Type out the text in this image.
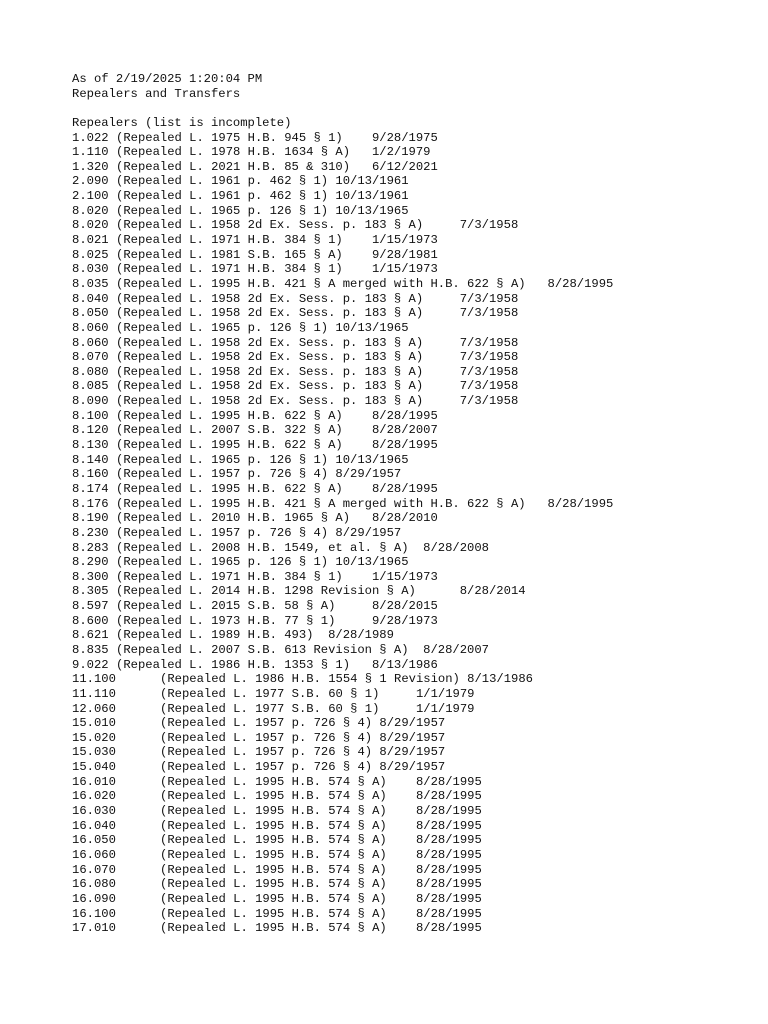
As of 2/19/2025 1:20:04 PM
Repealers and Transfers
Repealers (list is incomplete)
1.022 (Repealed L. 1975 H.B. 945 § 1)    9/28/1975
1.110 (Repealed L. 1978 H.B. 1634 § A)   1/2/1979
1.320 (Repealed L. 2021 H.B. 85 & 310)   6/12/2021
2.090 (Repealed L. 1961 p. 462 § 1) 10/13/1961
2.100 (Repealed L. 1961 p. 462 § 1) 10/13/1961
8.020 (Repealed L. 1965 p. 126 § 1) 10/13/1965
8.020 (Repealed L. 1958 2d Ex. Sess. p. 183 § A)     7/3/1958
8.021 (Repealed L. 1971 H.B. 384 § 1)    1/15/1973
8.025 (Repealed L. 1981 S.B. 165 § A)    9/28/1981
8.030 (Repealed L. 1971 H.B. 384 § 1)    1/15/1973
8.035 (Repealed L. 1995 H.B. 421 § A merged with H.B. 622 § A)   8/28/1995
8.040 (Repealed L. 1958 2d Ex. Sess. p. 183 § A)     7/3/1958
8.050 (Repealed L. 1958 2d Ex. Sess. p. 183 § A)     7/3/1958
8.060 (Repealed L. 1965 p. 126 § 1) 10/13/1965
8.060 (Repealed L. 1958 2d Ex. Sess. p. 183 § A)     7/3/1958
8.070 (Repealed L. 1958 2d Ex. Sess. p. 183 § A)     7/3/1958
8.080 (Repealed L. 1958 2d Ex. Sess. p. 183 § A)     7/3/1958
8.085 (Repealed L. 1958 2d Ex. Sess. p. 183 § A)     7/3/1958
8.090 (Repealed L. 1958 2d Ex. Sess. p. 183 § A)     7/3/1958
8.100 (Repealed L. 1995 H.B. 622 § A)    8/28/1995
8.120 (Repealed L. 2007 S.B. 322 § A)    8/28/2007
8.130 (Repealed L. 1995 H.B. 622 § A)    8/28/1995
8.140 (Repealed L. 1965 p. 126 § 1) 10/13/1965
8.160 (Repealed L. 1957 p. 726 § 4) 8/29/1957
8.174 (Repealed L. 1995 H.B. 622 § A)    8/28/1995
8.176 (Repealed L. 1995 H.B. 421 § A merged with H.B. 622 § A)   8/28/1995
8.190 (Repealed L. 2010 H.B. 1965 § A)   8/28/2010
8.230 (Repealed L. 1957 p. 726 § 4) 8/29/1957
8.283 (Repealed L. 2008 H.B. 1549, et al. § A)  8/28/2008
8.290 (Repealed L. 1965 p. 126 § 1) 10/13/1965
8.300 (Repealed L. 1971 H.B. 384 § 1)    1/15/1973
8.305 (Repealed L. 2014 H.B. 1298 Revision § A)      8/28/2014
8.597 (Repealed L. 2015 S.B. 58 § A)     8/28/2015
8.600 (Repealed L. 1973 H.B. 77 § 1)     9/28/1973
8.621 (Repealed L. 1989 H.B. 493)  8/28/1989
8.835 (Repealed L. 2007 S.B. 613 Revision § A)  8/28/2007
9.022 (Repealed L. 1986 H.B. 1353 § 1)   8/13/1986
11.100	(Repealed L. 1986 H.B. 1554 § 1 Revision) 8/13/1986
11.110	(Repealed L. 1977 S.B. 60 § 1)     1/1/1979
12.060	(Repealed L. 1977 S.B. 60 § 1)     1/1/1979
15.010	(Repealed L. 1957 p. 726 § 4) 8/29/1957
15.020	(Repealed L. 1957 p. 726 § 4) 8/29/1957
15.030	(Repealed L. 1957 p. 726 § 4) 8/29/1957
15.040	(Repealed L. 1957 p. 726 § 4) 8/29/1957
16.010	(Repealed L. 1995 H.B. 574 § A)    8/28/1995
16.020	(Repealed L. 1995 H.B. 574 § A)    8/28/1995
16.030	(Repealed L. 1995 H.B. 574 § A)    8/28/1995
16.040	(Repealed L. 1995 H.B. 574 § A)    8/28/1995
16.050	(Repealed L. 1995 H.B. 574 § A)    8/28/1995
16.060	(Repealed L. 1995 H.B. 574 § A)    8/28/1995
16.070	(Repealed L. 1995 H.B. 574 § A)    8/28/1995
16.080	(Repealed L. 1995 H.B. 574 § A)    8/28/1995
16.090	(Repealed L. 1995 H.B. 574 § A)    8/28/1995
16.100	(Repealed L. 1995 H.B. 574 § A)    8/28/1995
17.010	(Repealed L. 1995 H.B. 574 § A)    8/28/1995
